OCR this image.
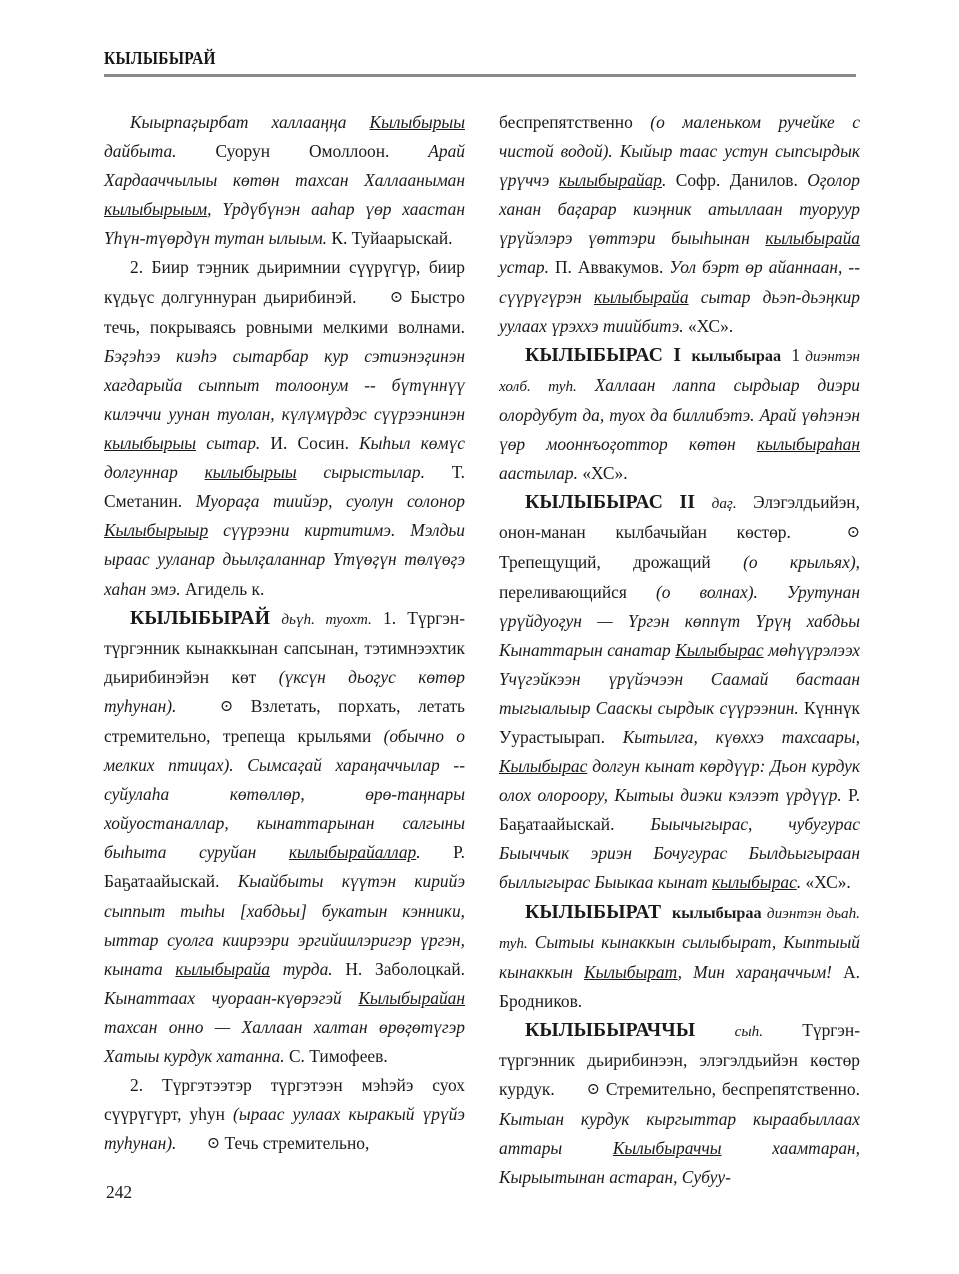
КЫЛЫБЫРАЙ

Кыырпаӷырбат халлааӊӊа Кылыбырыы дайбыта. Суорун Омоллоон. Арай Хардааччылыы көтөн тахсан Халлааныман кылыбырыым, Үрдүбүнэн ааһар үөр хаастан Үһүн-түөрдүн тутан ылыым. К. Туйаарыскай.

2. Биир тэӈник дьиримнии сүүрүгүр, биир күдьүс долгуннуран дьирибинэй. ⊙ Быстро течь, покрываясь ровными мелкими волнами. Бэӷэһээ киэһэ сытарбар кур сэтиэнэӷинэн хагдарыйа сыппыт толоонум -- бүтүннүү килэччи уунан туолан, күлүмүрдэс сүүрээнинэн кылыбырыы сытар. И. Сосин. Кыһыл көмүс долгуннар кылыбырыы сырыстылар. Т. Сметанин. Муораӷа тиийэр, суолун солонор Кылыбырыыр сүүрээни киртитимэ. Мэлдьи ыраас ууланар дьылӷаланнар Үтүөӷүн төлүөӷэ хаһан эмэ. Агидель к.

КЫЛЫБЫРАЙ дьүһ. туохт. 1. Түргэн-түргэнник кынаккынан сапсынан, тэтимнээхтик дьирибинэйэн көт (үксүн дьоӷус көтөр туһунан).	⊙ Взлетать, порхать, летать стремительно, трепеща крыльями (обычно о мелких птицах). Сымсаӷай хараӊаччылар -- суйулаһа көтөллөр, өрө-таӊнары хойуостаналлар, кынаттарынан салгыны быһыта суруйан кылыбырайаллар. Р. Баҕатаайыскай. Кыайбыты күүтэн кирийэ сыппыт тыһы [хабдьы] букатын кэнники, ыттар суолга киирээри эргийиилэригэр үргэн, кыната кылыбырайа турда. Н. Заболоцкай. Кынаттаах чуораан-күөрэгэй Кылыбырайан тахсан онно — Халлаан халтан өрөӷөтүгэр Хатыы курдук хатанна. С. Тимофеев.

2. Түргэтээтэр түргэтээн мэһэйэ суох сүүрүгүрт, уһун (ыраас уулаах кыракый үрүйэ туһунан). ⊙ Течь стремительно,

беспрепятственно (о маленьком ручейке с чистой водой). Кыйыр таас устун сыпсырдык үрүччэ кылыбырайар. Софр. Данилов. Оӷолор ханан баӷарар киэӊник атыллаан туоруур үрүйэлэрэ үөттэри быыһынан кылыбырайа устар. П. Аввакумов. Уол бэрт өр айаннаан, -- сүүрүгүрэн кылыбырайа сытар дьэп-дьэӊкир уулаах үрэххэ тиийбитэ. «ХС».

КЫЛЫБЫРАС I кылыбыраа 1 диэнтэн холб. туһ. Халлаан лаппа сырдыар диэри олордубут да, туох да биллибэтэ. Арай үөһэнэн үөр мооннъоӷоттор көтөн кылыбыраһан аастылар. «ХС».

КЫЛЫБЫРАС II даӷ. Элэгэлдьийэн, онон-манан кылбачыйан көстөр.	⊙ Трепещущий, дрожащий (о крыльях), переливающийся (о волнах). Урутунан үрүйдуоӷун — Үргэн көппүт Үрүӊ хабдьы Кынаттарын санатар Кылыбырас мөһүүрэлээх Үчүгэйкээн үрүйэчээн Саамай бастаан тыгыалыыр Сааскы сырдык сүүрээнин. Күннүк Уурастыырап. Кытылга, күөххэ тахсаары, Кылыбырас долгун кынат көрдүүр: Дьон курдук олох олороору, Кытыы диэки кэлээт үрдүүр. Р. Баҕатаайыскай. Быычыгырас, чубугурас Быыччык эриэн Бочугурас Былдьыгыраан быллыгырас Быыкаа кынат кылыбырас. «ХС».

КЫЛЫБЫРАТ кылыбыраа диэнтэн дьаһ. туһ. Сытыы кынаккын сылыбырат, Кыптыый кынаккын Кылыбырат, Мин хараӊаччым! А. Бродников.

КЫЛЫБЫРАЧЧЫ	сыһ. Түргэн-түргэнник дьирибинээн, элэгэлдьийэн көстөр курдук. ⊙ Стремительно, беспрепятственно. Кытыан курдук кыргыттар кыраабыллаах аттары Кылыбыраччы хаамтаран, Кырыытынан астаран, Субуу-

242
